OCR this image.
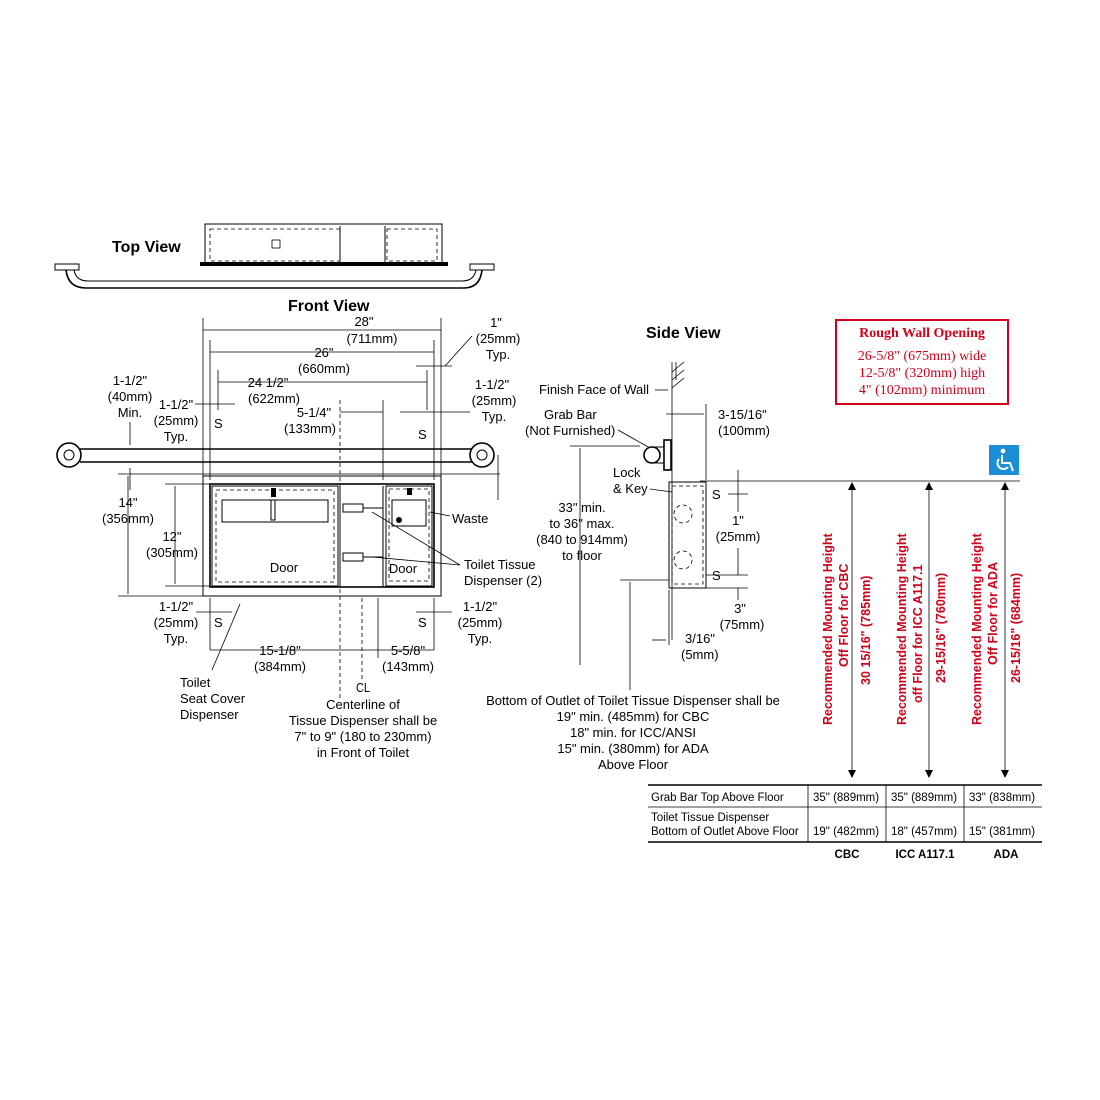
Top View
Front View
28"
(711mm)
26"
(660mm)
24 1/2"
(622mm)
5-1/4"
(133mm)
1"
(25mm)
Typ.
1-1/2"
(25mm)
Typ.
S
S
S	S
1-1/2"
(40mm)
Min.
1-1/2"
(25mm)
Typ.
14"
(356mm)
12"
(305mm)
Door	Door
Waste
Toilet Tissue
Dispenser (2)
1-1/2"
(25mm)
Typ.
1-1/2"
(25mm)
Typ.
15-1/8"
(384mm)
5-5/8"
(143mm)
Toilet
Seat Cover
Dispenser
CL
Centerline of
Tissue Dispenser shall be
7" to 9" (180 to 230mm)
in Front of Toilet
Side View
Finish Face of Wall
3-15/16"
(100mm)
Grab Bar
(Not Furnished)
33" min.
to 36" max.
(840 to 914mm)
to floor
Lock
& Key	S
S
1"
(25mm)
3"
(75mm)
3/16"
(5mm)
Bottom of Outlet of Toilet Tissue Dispenser shall be
19" min. (485mm) for CBC
18" min. for ICC/ANSI
15" min. (380mm) for ADA
Above Floor
Rough Wall Opening
26-5/8" (675mm) wide
12-5/8" (320mm) high
4" (102mm) minimum
Recommended Mounting Height Off Floor for CBC 30 15/16" (785mm) Recommended Mounting Height off Floor for ICC A117.1 29-15/16" (760mm) Recommended Mounting Height Off Floor for ADA 26-15/16" (684mm)
Grab Bar Top Above Floor	35" (889mm) 35" (889mm) 33" (838mm)
Toilet Tissue Dispenser
Bottom of Outlet Above Floor 19" (482mm) 18" (457mm) 15" (381mm)
CBC	ICC A117.1	ADA
